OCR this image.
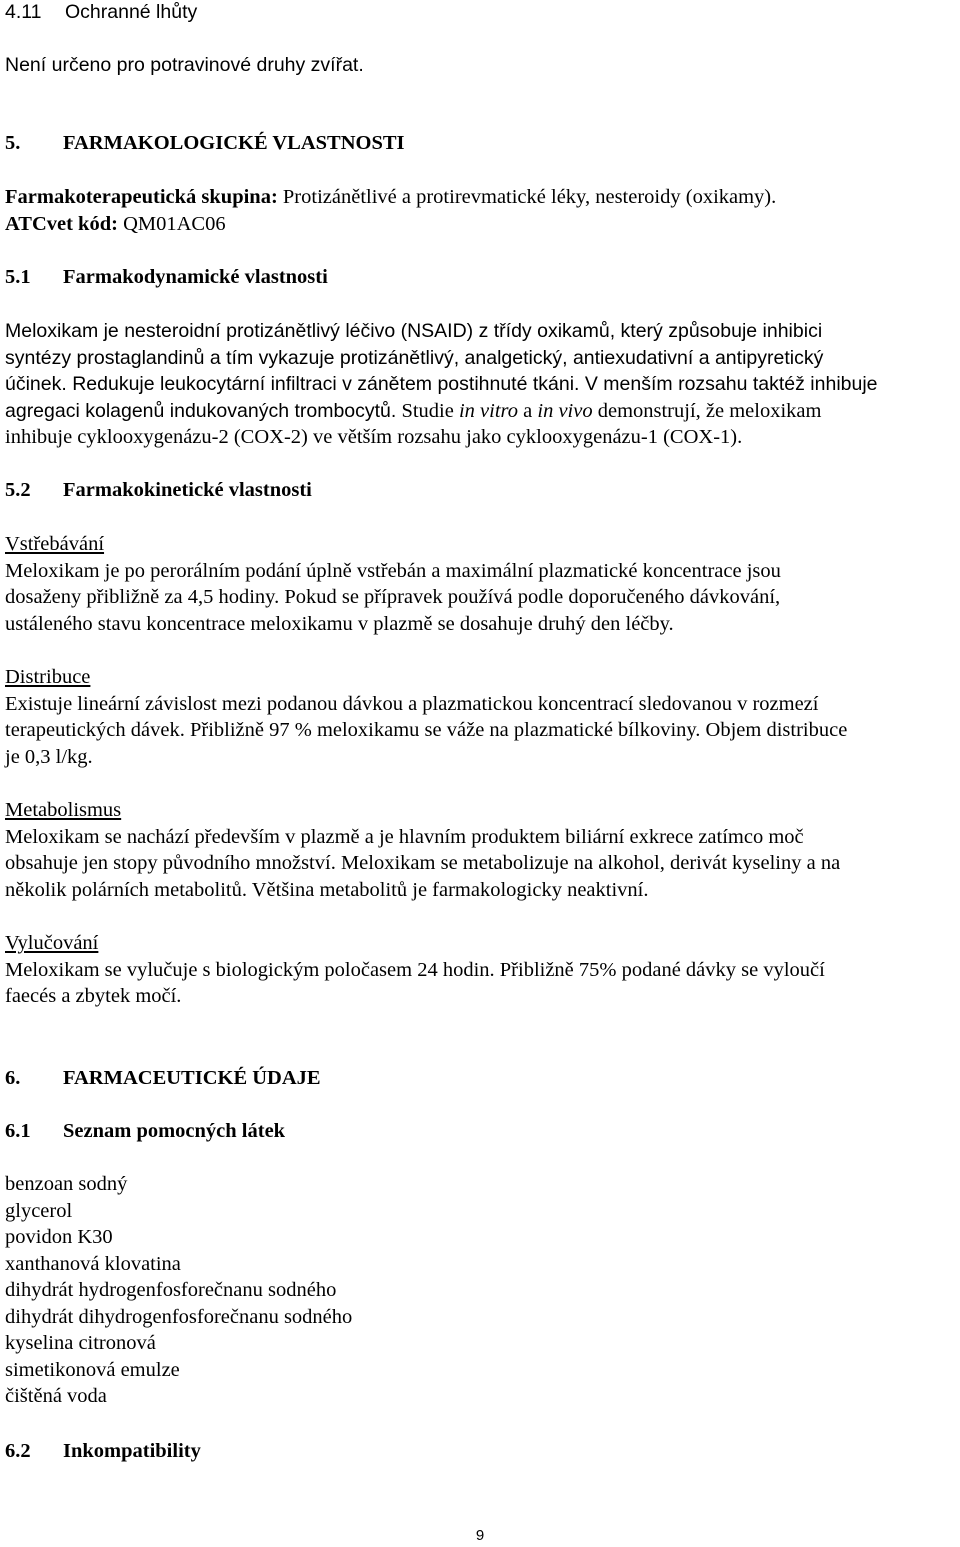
4.11 Ochranné lhůty

Není určeno pro potravinové druhy zvířat.

5. FARMAKOLOGICKÉ VLASTNOSTI

Farmakoterapeutická skupina: Protizánětlivé a protirevmatické léky, nesteroidy (oxikamy).

ATCvet kód: QM01AC06

5.1 Farmakodynamické vlastnosti

Meloxikam je nesteroidní protizánětlivý léčivo (NSAID) z třídy oxikamů, který způsobuje inhibici

syntézy prostaglandinů a tím vykazuje protizánětlivý, analgetický, antiexudativní a antipyretický

účinek. Redukuje leukocytární infiltraci v zánětem postihnuté tkáni. V menším rozsahu taktéž inhibuje

agregaci kolagenů indukovaných trombocytů. Studie in vitro a in vivo demonstrují, že meloxikam

inhibuje cyklooxygenázu-2 (COX-2) ve větším rozsahu jako cyklooxygenázu-1 (COX-1).

5.2 Farmakokinetické vlastnosti

Vstřebávání

Meloxikam je po perorálním podání úplně vstřebán a maximální plazmatické koncentrace jsou

dosaženy přibližně za 4,5 hodiny. Pokud se přípravek používá podle doporučeného dávkování,

ustáleného stavu koncentrace meloxikamu v plazmě se dosahuje druhý den léčby.

Distribuce

Existuje lineární závislost mezi podanou dávkou a plazmatickou koncentrací sledovanou v rozmezí

terapeutických dávek. Přibližně 97 % meloxikamu se váže na plazmatické bílkoviny. Objem distribuce

je 0,3 l/kg.

Metabolismus

Meloxikam se nachází především v plazmě a je hlavním produktem biliární exkrece zatímco moč

obsahuje jen stopy původního množství. Meloxikam se metabolizuje na alkohol, derivát kyseliny a na

několik polárních metabolitů. Většina metabolitů je farmakologicky neaktivní.

Vylučování

Meloxikam se vylučuje s biologickým poločasem 24 hodin. Přibližně 75% podané dávky se vyloučí

faecés a zbytek močí.

6. FARMACEUTICKÉ ÚDAJE
6.1 Seznam pomocných látek

benzoan sodný

glycerol

povidon K30

xanthanová klovatina

dihydrát hydrogenfosforečnanu sodného

dihydrát dihydrogenfosforečnanu sodného

kyselina citronová

simetikonová emulze

čištěná voda

6.2 Inkompatibility
9
